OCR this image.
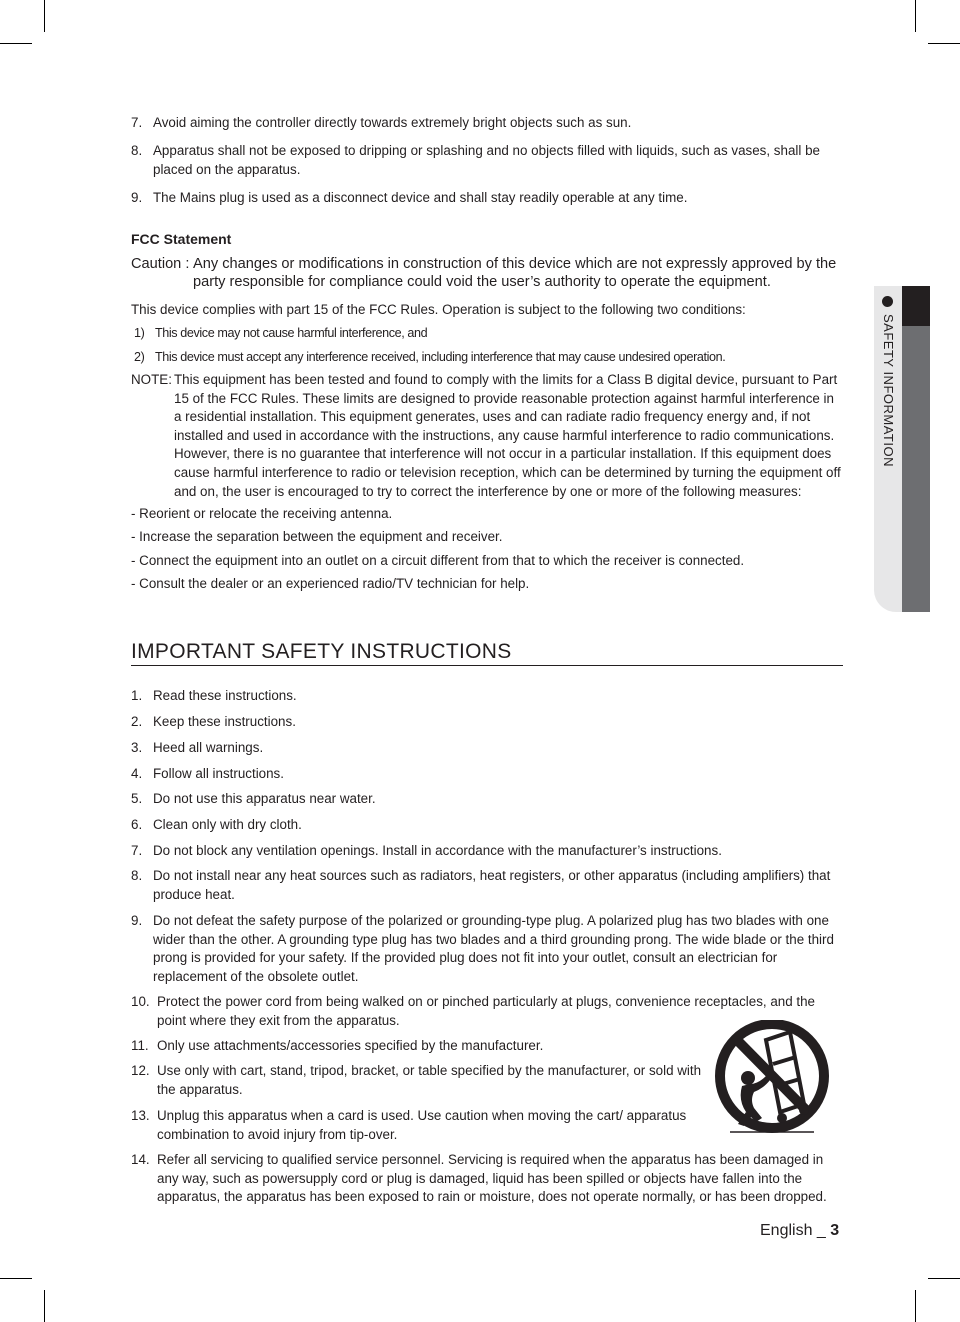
SAFETY INFORMATION
7. Avoid aiming the controller directly towards extremely bright objects such as sun.
8. Apparatus shall not be exposed to dripping or splashing and no objects filled with liquids, such as vases, shall be placed on the apparatus.
9. The Mains plug is used as a disconnect device and shall stay readily operable at any time.
FCC Statement
Caution : Any changes or modifications in construction of this device which are not expressly approved by the party responsible for compliance could void the user’s authority to operate the equipment.
This device complies with part 15 of the FCC Rules. Operation is subject to the following two conditions:
1) This device may not cause harmful interference, and
2) This device must accept any interference received, including interference that may cause undesired operation.
NOTE: This equipment has been tested and found to comply with the limits for a Class B digital device, pursuant to Part 15 of the FCC Rules. These limits are designed to provide reasonable protection against harmful interference in a residential installation. This equipment generates, uses and can radiate radio frequency energy and, if not installed and used in accordance with the instructions, any cause harmful interference to radio communications. However, there is no guarantee that interference will not occur in a particular installation. If this equipment does cause harmful interference to radio or television reception, which can be determined by turning the equipment off and on, the user is encouraged to try to correct the interference by one or more of the following measures:
- Reorient or relocate the receiving antenna.
- Increase the separation between the equipment and receiver.
- Connect the equipment into an outlet on a circuit different from that to which the receiver is connected.
- Consult the dealer or an experienced radio/TV technician for help.
IMPORTANT SAFETY INSTRUCTIONS
1. Read these instructions.
2. Keep these instructions.
3. Heed all warnings.
4. Follow all instructions.
5. Do not use this apparatus near water.
6. Clean only with dry cloth.
7. Do not block any ventilation openings. Install in accordance with the manufacturer’s instructions.
8. Do not install near any heat sources such as radiators, heat registers, or other apparatus (including amplifiers) that produce heat.
9. Do not defeat the safety purpose of the polarized or grounding-type plug. A polarized plug has two blades with one wider than the other. A grounding type plug has two blades and a third grounding prong. The wide blade or the third prong is provided for your safety. If the provided plug does not fit into your outlet, consult an electrician for replacement of the obsolete outlet.
10. Protect the power cord from being walked on or pinched particularly at plugs, convenience receptacles, and the point where they exit from the apparatus.
11. Only use attachments/accessories specified by the manufacturer.
12. Use only with cart, stand, tripod, bracket, or table specified by the manufacturer, or sold with the apparatus.
13. Unplug this apparatus when a card is used. Use caution when moving the cart/ apparatus combination to avoid injury from tip-over.
14. Refer all servicing to qualified service personnel. Servicing is required when the apparatus has been damaged in any way, such as powersupply cord or plug is damaged, liquid has been spilled or objects have fallen into the apparatus, the apparatus has been exposed to rain or moisture, does not operate normally, or has been dropped.
English _ 3
